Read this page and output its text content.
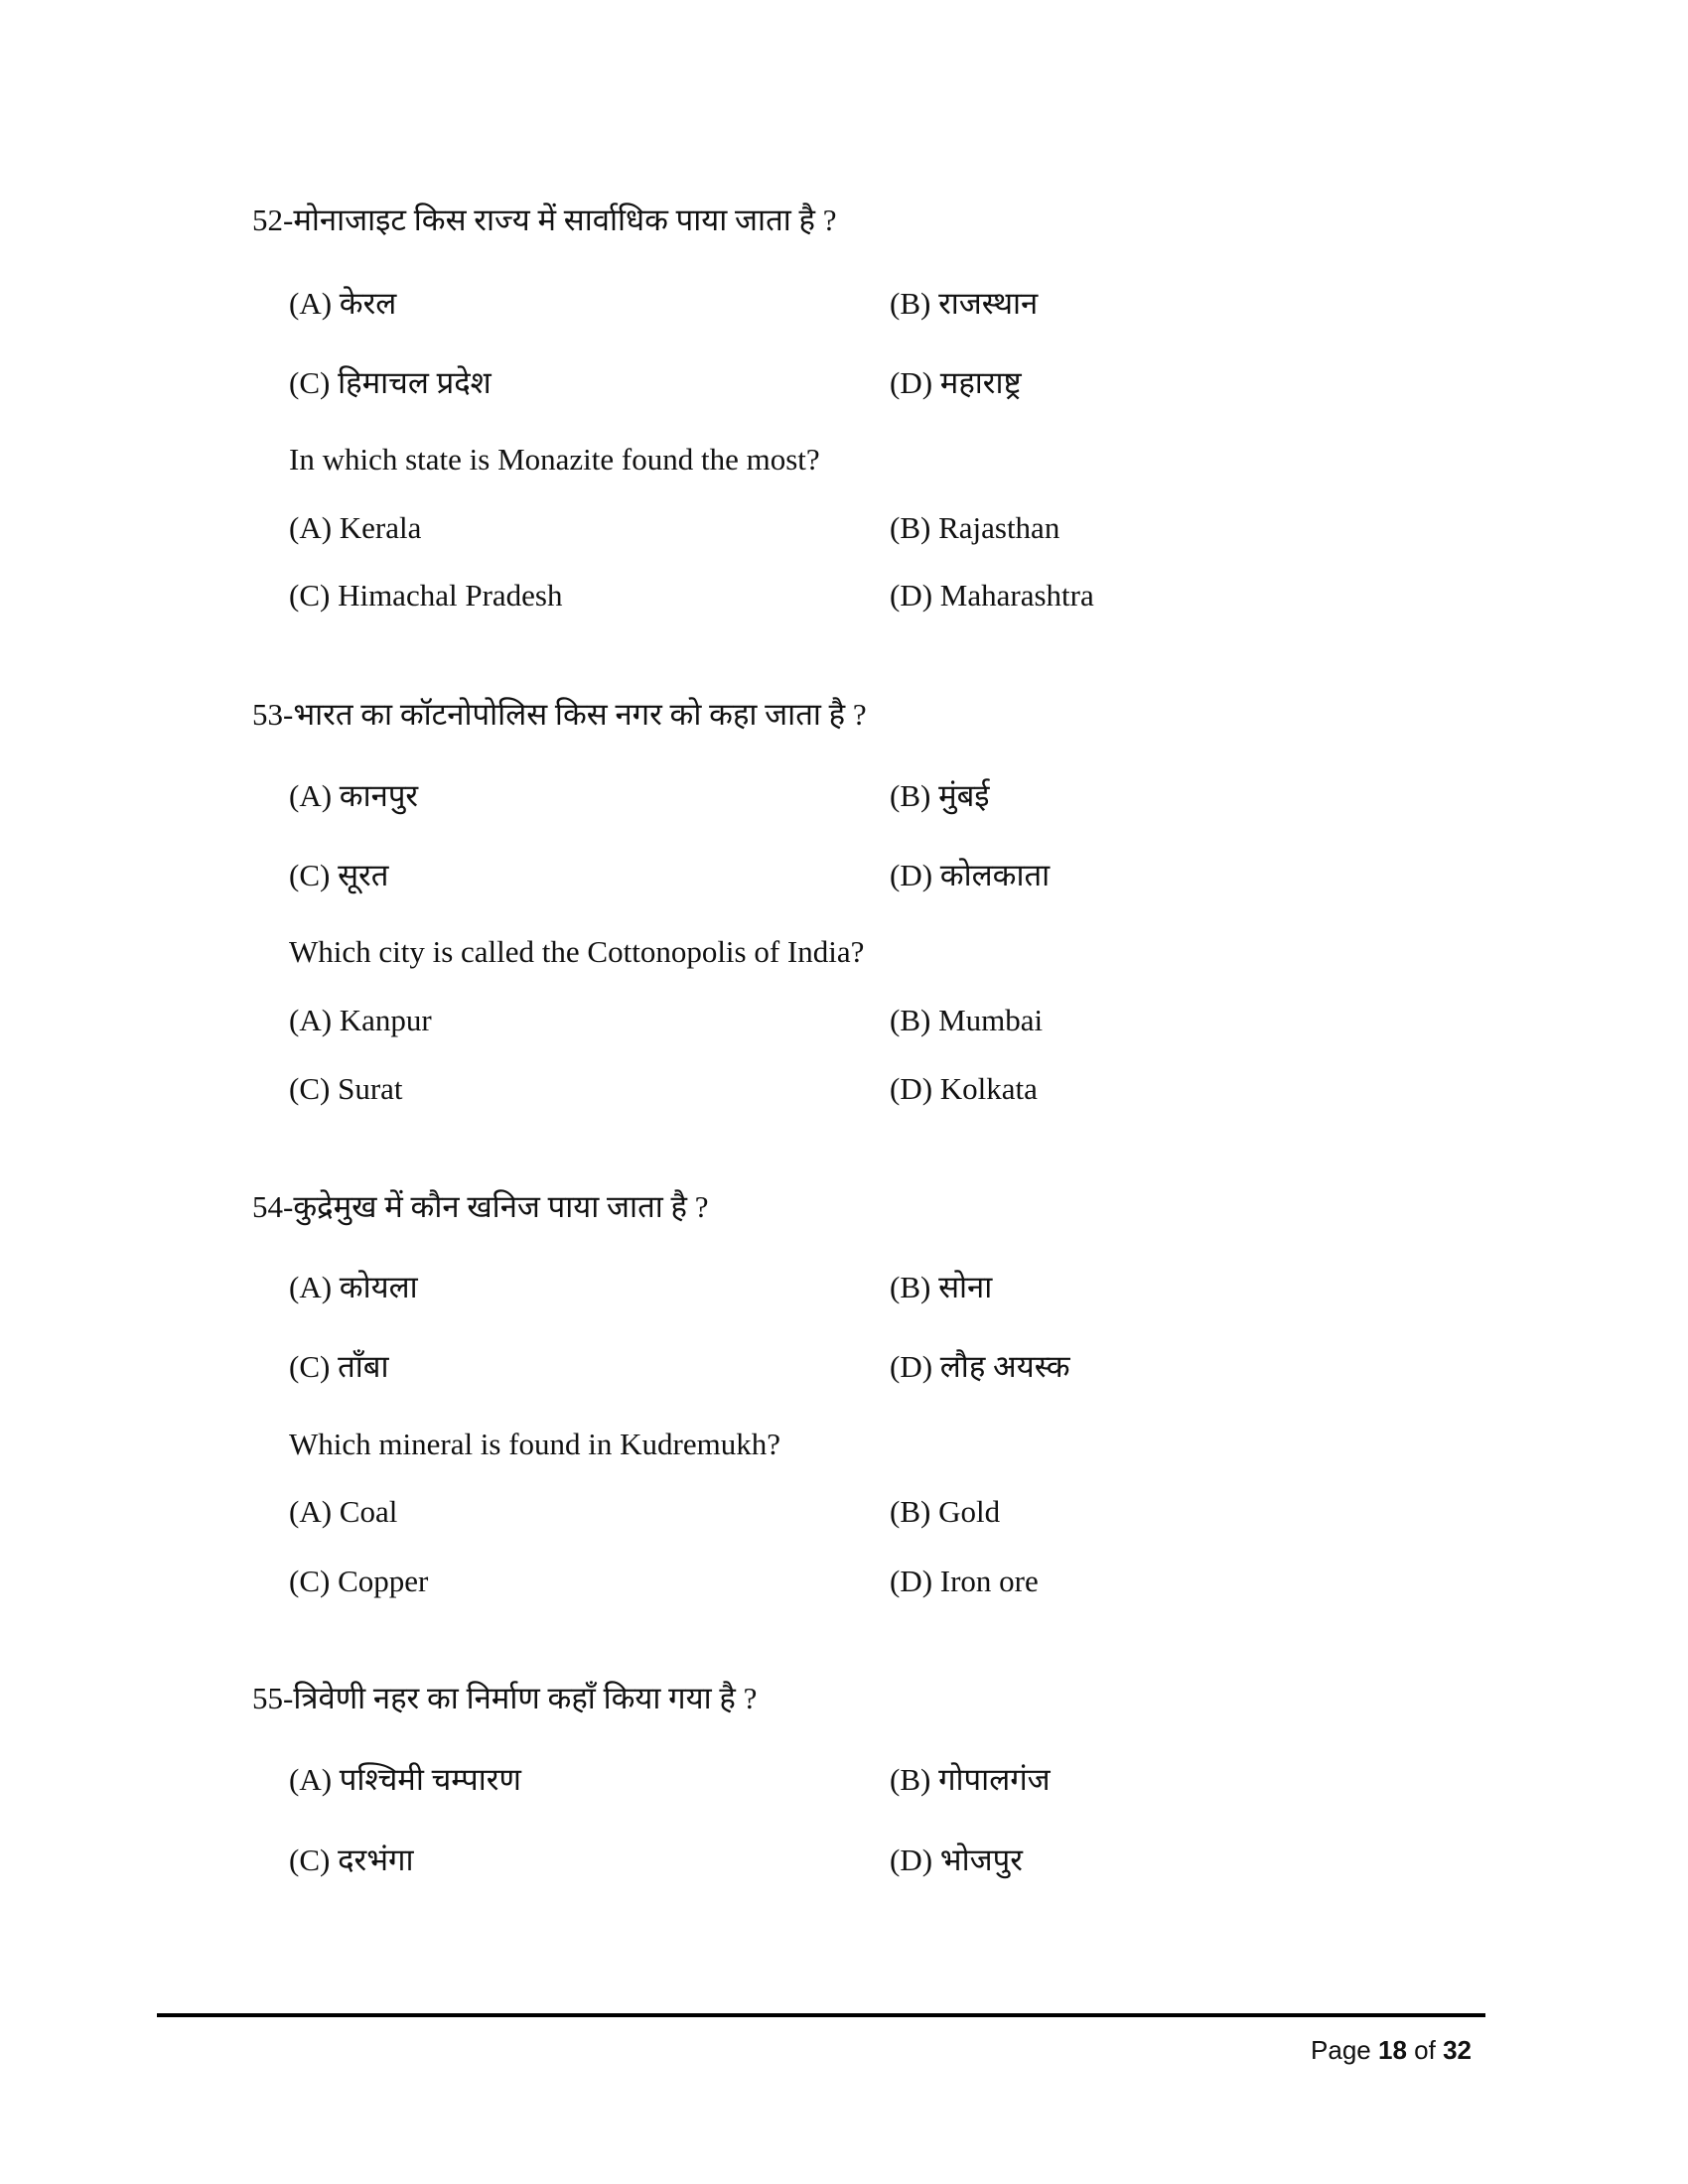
52-मोनाजाइट किस राज्य में सार्वाधिक पाया जाता है ?
(A) केरल	(B) राजस्थान
(C) हिमाचल प्रदेश	(D) महाराष्ट्र
In which state is Monazite found the most?
(A) Kerala	(B) Rajasthan
(C) Himachal Pradesh	(D) Maharashtra
53-भारत का कॉटनोपोलिस किस नगर को कहा जाता है ?
(A) कानपुर	(B) मुंबई
(C) सूरत	(D) कोलकाता
Which city is called the Cottonopolis of India?
(A) Kanpur	(B) Mumbai
(C) Surat	(D) Kolkata
54-कुद्रेमुख में कौन खनिज पाया जाता है ?
(A) कोयला	(B) सोना
(C) ताँबा	(D) लौह अयस्क
Which mineral is found in Kudremukh?
(A) Coal	(B) Gold
(C) Copper	(D) Iron ore
55-त्रिवेणी नहर का निर्माण कहाँ किया गया है ?
(A) पश्चिमी चम्पारण	(B) गोपालगंज
(C) दरभंगा	(D) भोजपुर
Page 18 of 32
